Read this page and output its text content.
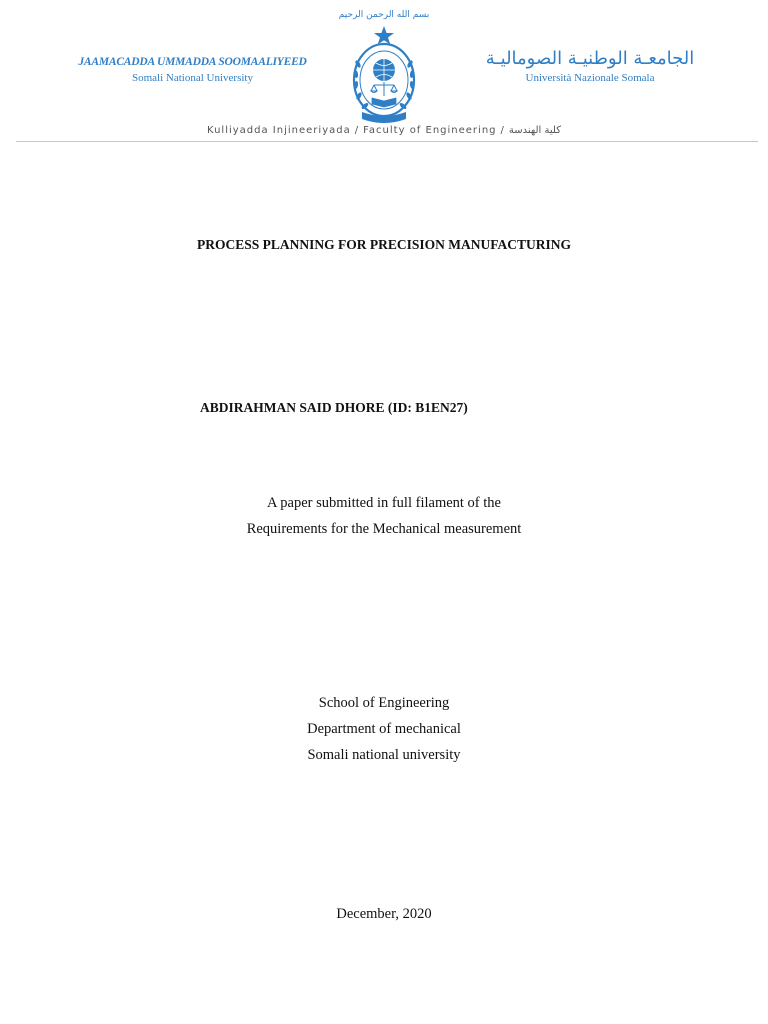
بسم الله الرحمن الرحيم
JAAMACADDA UMMADDA SOOMAALIYEED
Somali National University
الجامعـة الوطنيـة الصوماليـة
Università Nazionale Somala
Kulliyadda Injineeriyada / Faculty of Engineering / كلية الهندسة
PROCESS PLANNING FOR PRECISION MANUFACTURING
ABDIRAHMAN SAID DHORE (ID: B1EN27)
A paper submitted in full filament of the
Requirements for the Mechanical measurement
School of Engineering
Department of mechanical
Somali national university
December, 2020
